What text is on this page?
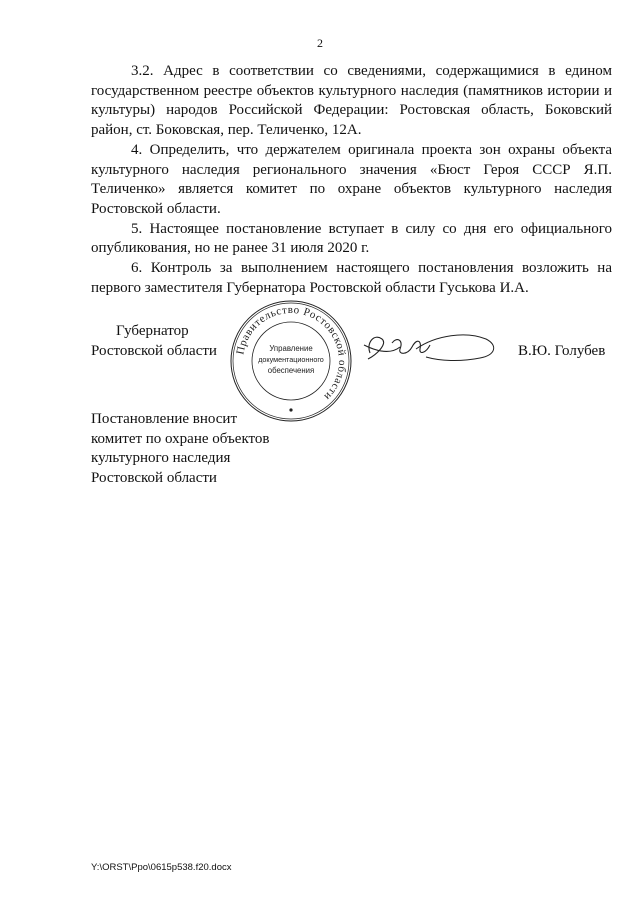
2

3.2. Адрес в соответствии со сведениями, содержащимися в едином государственном реестре объектов культурного наследия (памятников истории и культуры) народов Российской Федерации: Ростовская область, Боковский район, ст. Боковская, пер. Теличенко, 12А.

4. Определить, что держателем оригинала проекта зон охраны объекта культурного наследия регионального значения «Бюст Героя СССР Я.П. Теличенко» является комитет по охране объектов культурного наследия Ростовской области.

5. Настоящее постановление вступает в силу со дня его официального опубликования, но не ранее 31 июля 2020 г.

6. Контроль за выполнением настоящего постановления возложить на первого заместителя Губернатора Ростовской области Гуськова И.А.

Губернатор
Ростовской области Правительство Ростовской области
Управление
документационного
обеспечения
В.Ю. Голубев
Постановление вносит
комитет по охране объектов
культурного наследия
Ростовской области
Y:\ORST\Ppo\0615p538.f20.docx
